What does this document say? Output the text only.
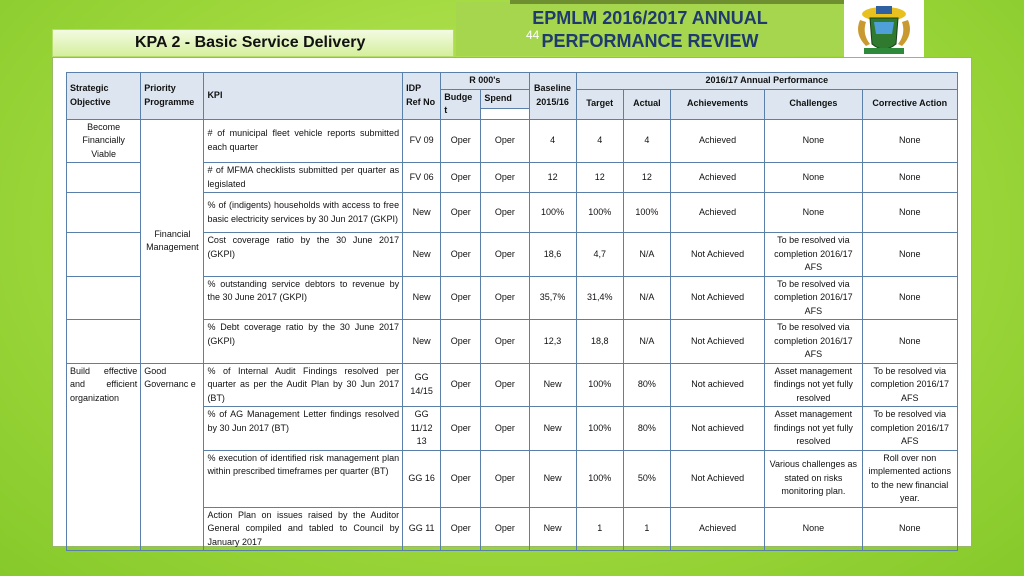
EPMLM 2016/2017 ANNUAL
PERFORMANCE REVIEW
44
KPA 2 - Basic Service Delivery
Strategic Objective	Priority Programme	KPI	IDP Ref No	R 000's		Baseline 2015/16	2016/17 Annual Performance				
				Budge t	Spend		Target	Actual	Achievements	Challenges	Corrective Action

Become Financially Viable	Financial Management	# of municipal fleet vehicle reports submitted each quarter	FV 09	Oper	Oper	4	4	4	Achieved	None	None
		# of MFMA checklists submitted per quarter as legislated	FV 06	Oper	Oper	12	12	12	Achieved	None	None
		% of (indigents) households with access to free basic electricity services by 30 Jun 2017 (GKPI)	New	Oper	Oper	100%	100%	100%	Achieved	None	None
		Cost coverage ratio by the 30 June 2017 (GKPI)	New	Oper	Oper	18,6	4,7	N/A	Not Achieved	To be resolved via completion 2016/17 AFS	None
		% outstanding service debtors to revenue by the 30 June 2017 (GKPI)	New	Oper	Oper	35,7%	31,4%	N/A	Not Achieved	To be resolved via completion 2016/17 AFS	None
		% Debt coverage ratio by the 30 June 2017 (GKPI)	New	Oper	Oper	12,3	18,8	N/A	Not Achieved	To be resolved via completion 2016/17 AFS	None
Build effective and efficient organization	Good Governanc e	% of Internal Audit Findings resolved per quarter as per the Audit Plan by 30 Jun 2017 (BT)	GG 14/15	Oper	Oper	New	100%	80%	Not achieved	Asset management findings not yet fully resolved	To be resolved via completion 2016/17 AFS
		% of AG Management Letter findings resolved by 30 Jun 2017 (BT)	GG 11/12 13	Oper	Oper	New	100%	80%	Not achieved	Asset management findings not yet fully resolved	To be resolved via completion 2016/17 AFS
		% execution of identified risk management plan within prescribed timeframes per quarter (BT)	GG 16	Oper	Oper	New	100%	50%	Not Achieved	Various challenges as stated on risks monitoring plan.	Roll over non implemented actions to the new financial year.
		Action Plan on issues raised by the Auditor General compiled and tabled to Council by January 2017	GG 11	Oper	Oper	New	1	1	Achieved	None	None
